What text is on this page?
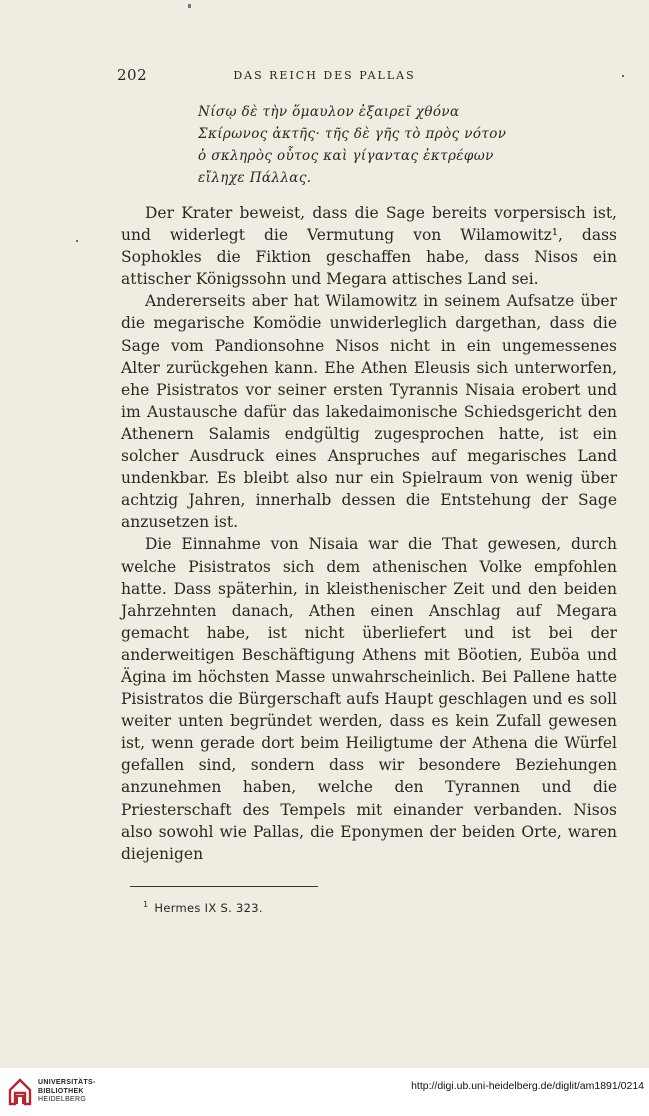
202	DAS REICH DES PALLAS
Νίσῳ δὲ τὴν ὅμαυλον ἐξαιρεῖ χθόνα
Σκίρωνος ἀκτῆς· τῆς δὲ γῆς τὸ πρὸς νότον
ὁ σκληρὸς οὗτος καὶ γίγαντας ἐκτρέφων
εἴληχε Πάλλας.

Der Krater beweist, dass die Sage bereits vorpersisch ist, und widerlegt die Vermutung von Wilamowitz¹, dass Sophokles die Fiktion geschaffen habe, dass Nisos ein attischer Königssohn und Megara attisches Land sei.

Andererseits aber hat Wilamowitz in seinem Aufsatze über die megarische Komödie unwiderleglich dargethan, dass die Sage vom Pandionsohne Nisos nicht in ein ungemessenes Alter zurückgehen kann. Ehe Athen Eleusis sich unterworfen, ehe Pisistratos vor seiner ersten Tyrannis Nisaia erobert und im Austausche dafür das lakedaimonische Schiedsgericht den Athenern Salamis endgültig zugesprochen hatte, ist ein solcher Ausdruck eines Anspruches auf megarisches Land undenkbar. Es bleibt also nur ein Spielraum von wenig über achtzig Jahren, innerhalb dessen die Entstehung der Sage anzusetzen ist.

Die Einnahme von Nisaia war die That gewesen, durch welche Pisistratos sich dem athenischen Volke empfohlen hatte. Dass späterhin, in kleisthenischer Zeit und den beiden Jahrzehnten danach, Athen einen Anschlag auf Megara gemacht habe, ist nicht überliefert und ist bei der anderweitigen Beschäftigung Athens mit Böotien, Euböa und Ägina im höchsten Masse unwahrscheinlich. Bei Pallene hatte Pisistratos die Bürgerschaft aufs Haupt geschlagen und es soll weiter unten begründet werden, dass es kein Zufall gewesen ist, wenn gerade dort beim Heiligtume der Athena die Würfel gefallen sind, sondern dass wir besondere Beziehungen anzunehmen haben, welche den Tyrannen und die Priesterschaft des Tempels mit einander verbanden. Nisos also sowohl wie Pallas, die Eponymen der beiden Orte, waren diejenigen

$^1$ Hermes IX S. 323.
UNIVERSITÄTS-
BIBLIOTHEK
HEIDELBERG
http://digi.ub.uni-heidelberg.de/diglit/am1891/0214
